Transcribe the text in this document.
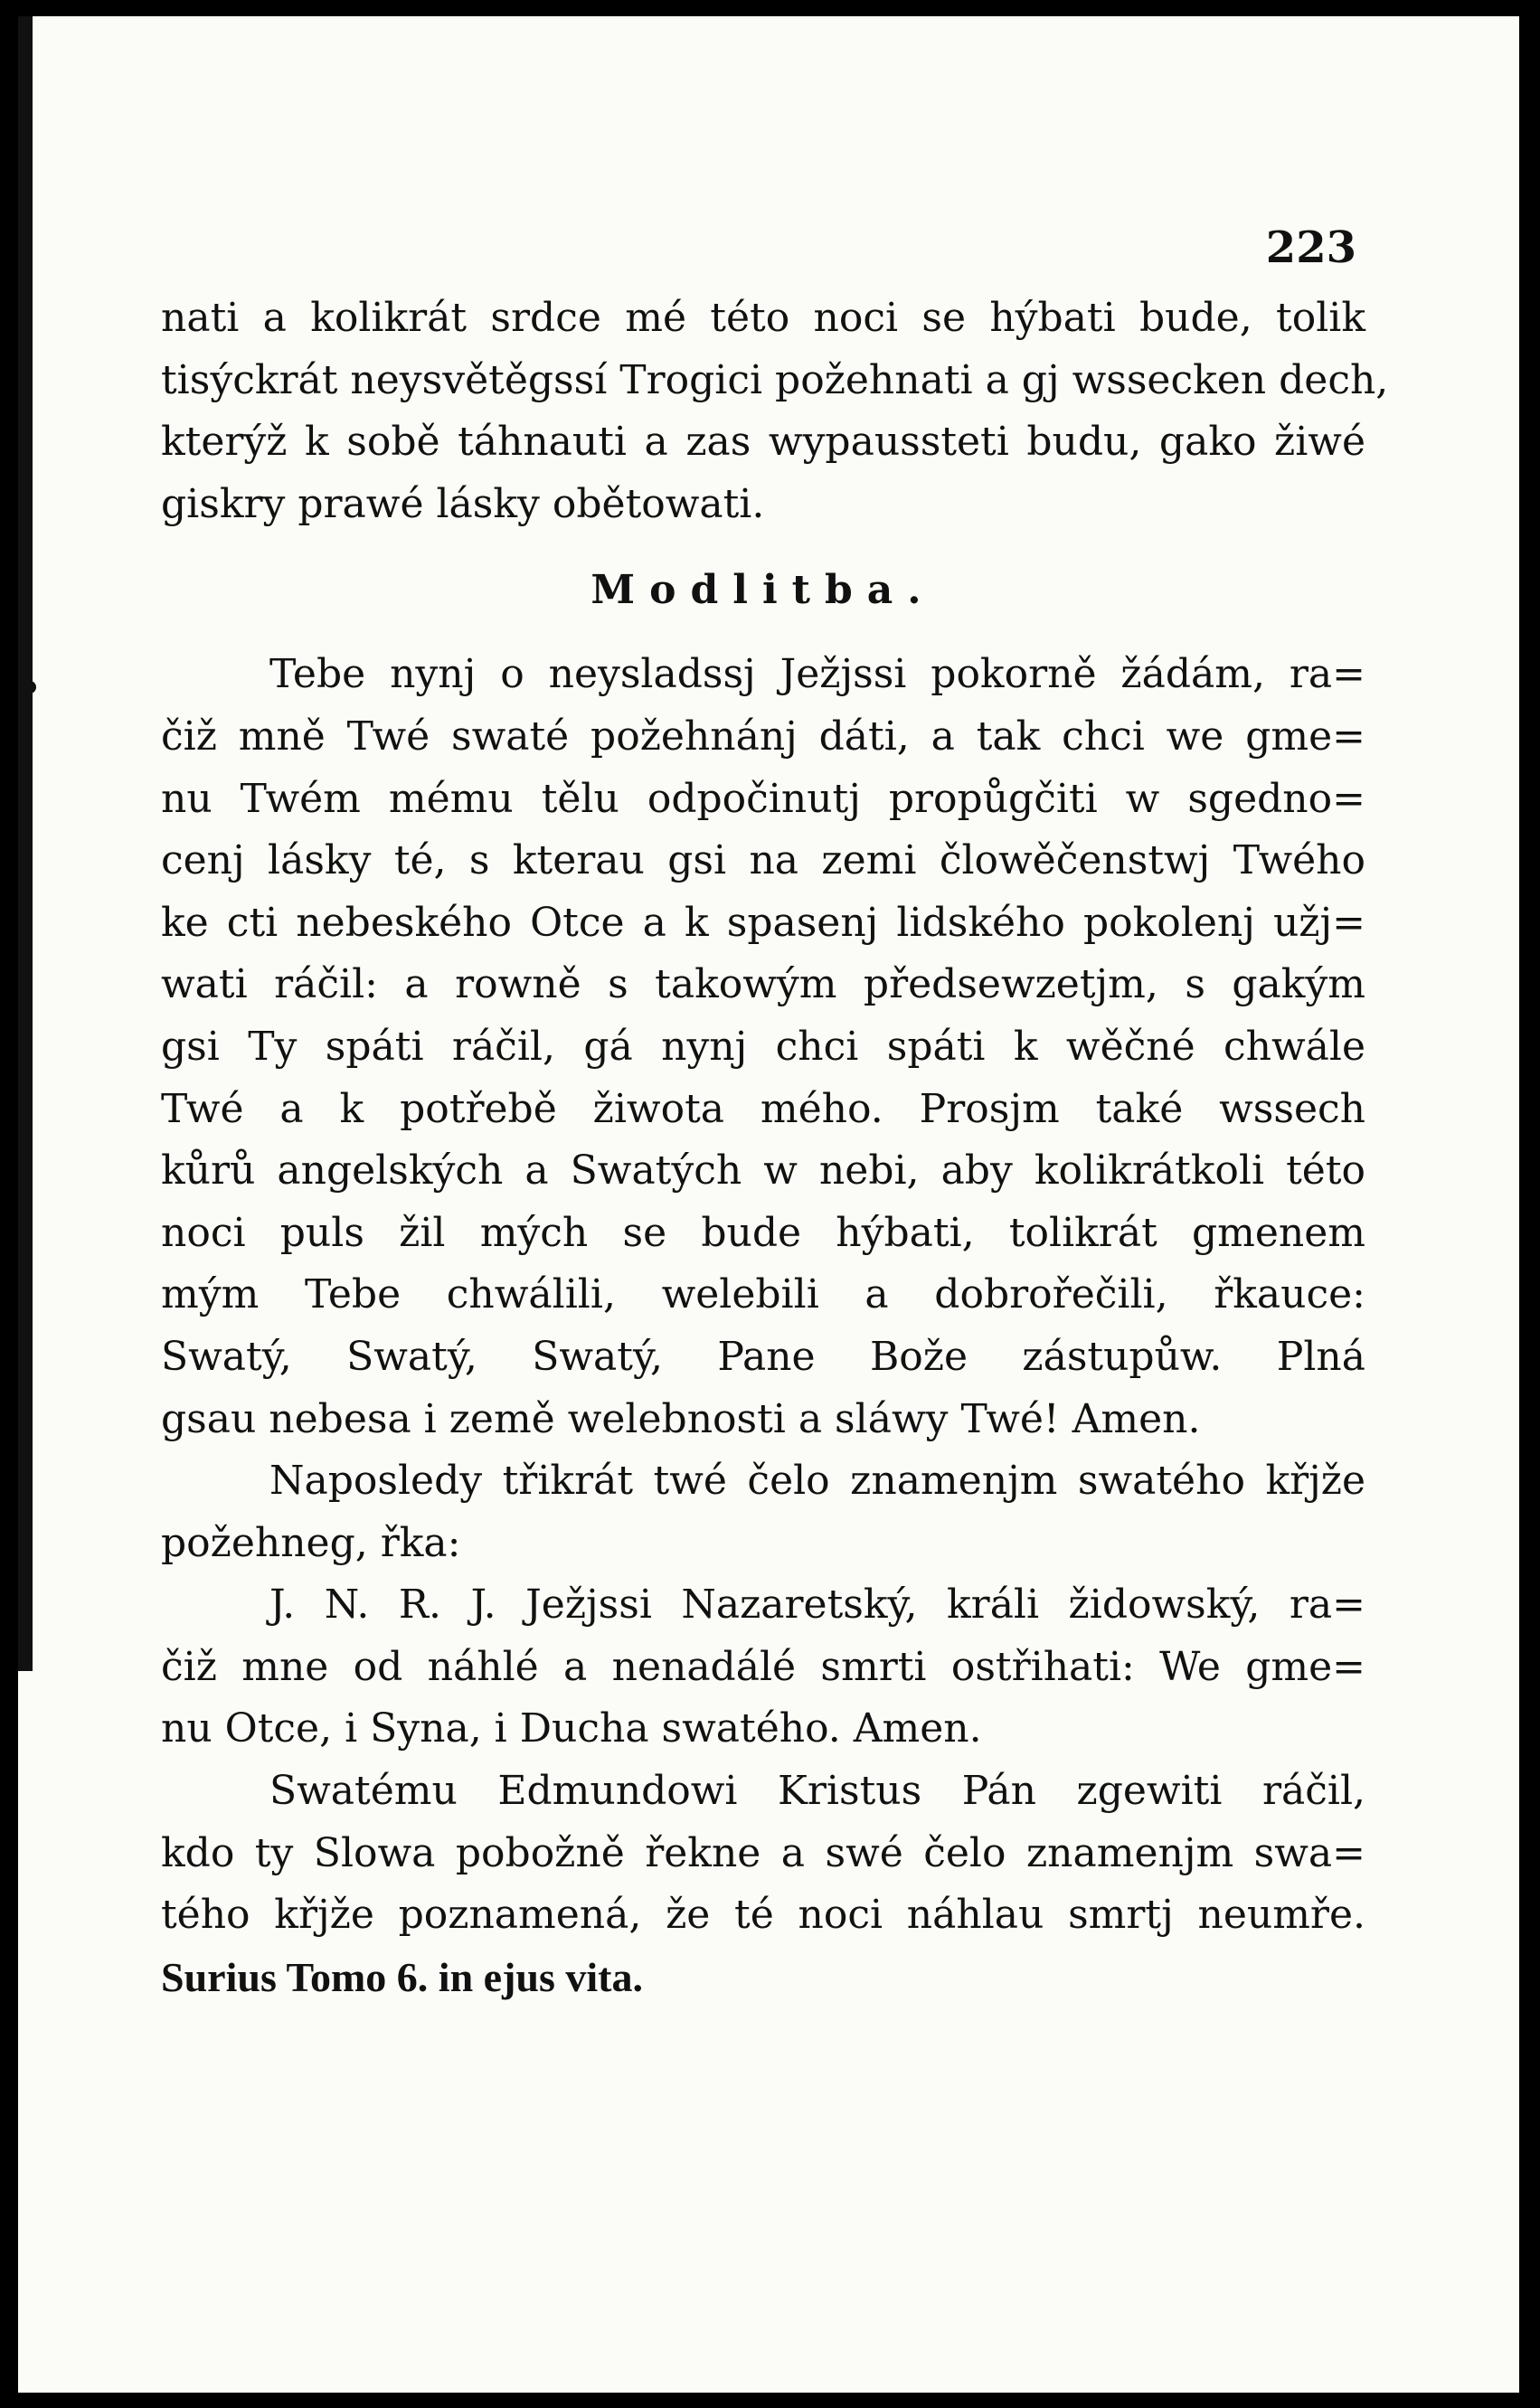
223
nati a kolikrát srdce mé této noci se hýbati bude, tolik
tisýckrát neysvětěgssí Trogici požehnati a gj wssecken dech,
kterýž k sobě táhnauti a zas wypaussteti budu, gako žiwé
giskry prawé lásky obětowati.
Modlitba.
Tebe nynj o neysladssj Ježjssi pokorně žádám, ra=
čiž mně Twé swaté požehnánj dáti, a tak chci we gme=
nu Twém mému tělu odpočinutj propůgčiti w sgedno=
cenj lásky té, s kterau gsi na zemi člowěčenstwj Twého
ke cti nebeského Otce a k spasenj lidského pokolenj užj=
wati ráčil: a rowně s takowým předsewzetjm, s gakým
gsi Ty spáti ráčil, gá nynj chci spáti k wěčné chwále
Twé a k potřebě žiwota mého. Prosjm také wssech
kůrů angelských a Swatých w nebi, aby kolikrátkoli této
noci puls žil mých se bude hýbati, tolikrát gmenem
mým Tebe chwálili, welebili a dobrořečili, řkauce:
Swatý, Swatý, Swatý, Pane Bože zástupůw. Plná
gsau nebesa i země welebnosti a sláwy Twé! Amen.
Naposledy třikrát twé čelo znamenjm swatého křjže
požehneg, řka:
J. N. R. J. Ježjssi Nazaretský, králi židowský, ra=
čiž mne od náhlé a nenadálé smrti ostřihati: We gme=
nu Otce, i Syna, i Ducha swatého. Amen.
Swatému Edmundowi Kristus Pán zgewiti ráčil,
kdo ty Slowa pobožně řekne a swé čelo znamenjm swa=
tého křjže poznamená, že té noci náhlau smrtj neumře.
Surius Tomo 6. in ejus vita.
